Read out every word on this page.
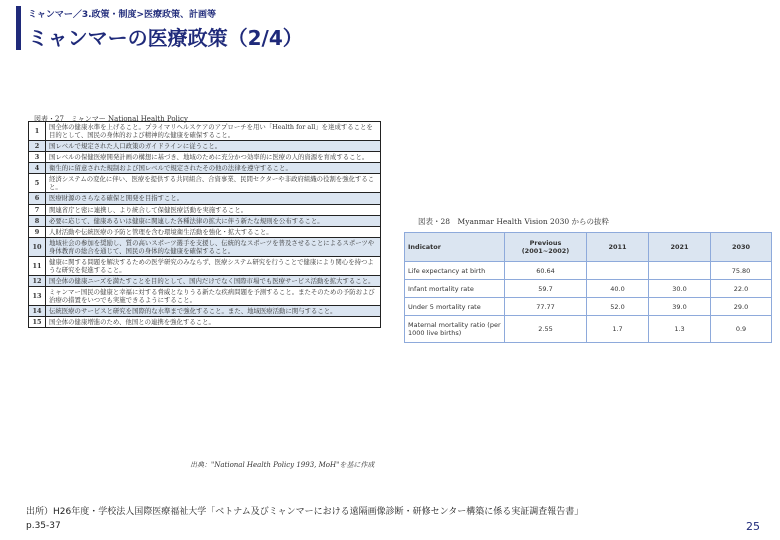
ミャンマー／3.政策・制度>医療政策、計画等
ミャンマーの医療政策（2/4）
図表・27　ミャンマー National Health Policy
1	国全体の健康水準を上げること。プライマリヘルスケアのアプローチを用い「Health for all」を達成することを目的として、国民の身体的および精神的な健康を確保すること。
2	国レベルで規定された人口政策のガイドラインに従うこと。
3	国レベルの保健医療開発計画の構想に基づき、地域のために充分かつ効率的に医療の人的資源を育成すること。
4	衛生的に留意された規制および国レベルで規定されたその他の法律を遵守すること。
5	経済システムの変化に伴い、医療を提供する共同組合、合資事業、民間セクターや非政府組織の役割を強化すること。
6	医療財源のさらなる確保と開発を目指すこと。
7	関連省庁と密に連携し、より統合して保健医療活動を実施すること。
8	必要に応じて、健康あるいは健康に関連した各種法律の拡大に伴う新たな規則を公布すること。
9	人財活動や伝統医療の予防と管理を含む環境衛生活動を強化・拡大すること。
10	地域社会の参加を奨励し、質の高いスポーツ選手を支援し、伝統的なスポーツを普及させることによるスポーツや身体教育の総合を通じて、国民の身体的な健康を確保すること。
11	健康に関する問題を解決するための医学研究のみならず、医療システム研究を行うことで健康により関心を持つような研究を促進すること。
12	国全体の健康ニーズを満たすことを目的として、国内だけでなく国際市場でも医療サービス活動を拡大すること。
13	ミャンマー国民の健康と幸福に対する脅威となりうる新たな疾病問題を予測すること。またそのための予防および治療の措置をいつでも実施できるようにすること。
14	伝統医療のサービスと研究を国際的な水準まで強化すること。また、地域医療活動に関与すること。
15	国全体の健康増進のため、他国との連携を強化すること。
出典："National Health Policy 1993, MoH"を基に作成
図表・28　Myanmar Health Vision 2030 からの抜粋
Indicator	Previous (2001~2002)	2011	2021	2030
Life expectancy at birth	60.64			75.80
Infant mortality rate	59.7	40.0	30.0	22.0
Under 5 mortality rate	77.77	52.0	39.0	29.0
Maternal mortality ratio (per 1000 live births)	2.55	1.7	1.3	0.9
出所）H26年度・学校法人国際医療福祉大学「ベトナム及びミャンマーにおける遠隔画像診断・研修センター構築に係る実証調査報告書」
p.35-37	25
